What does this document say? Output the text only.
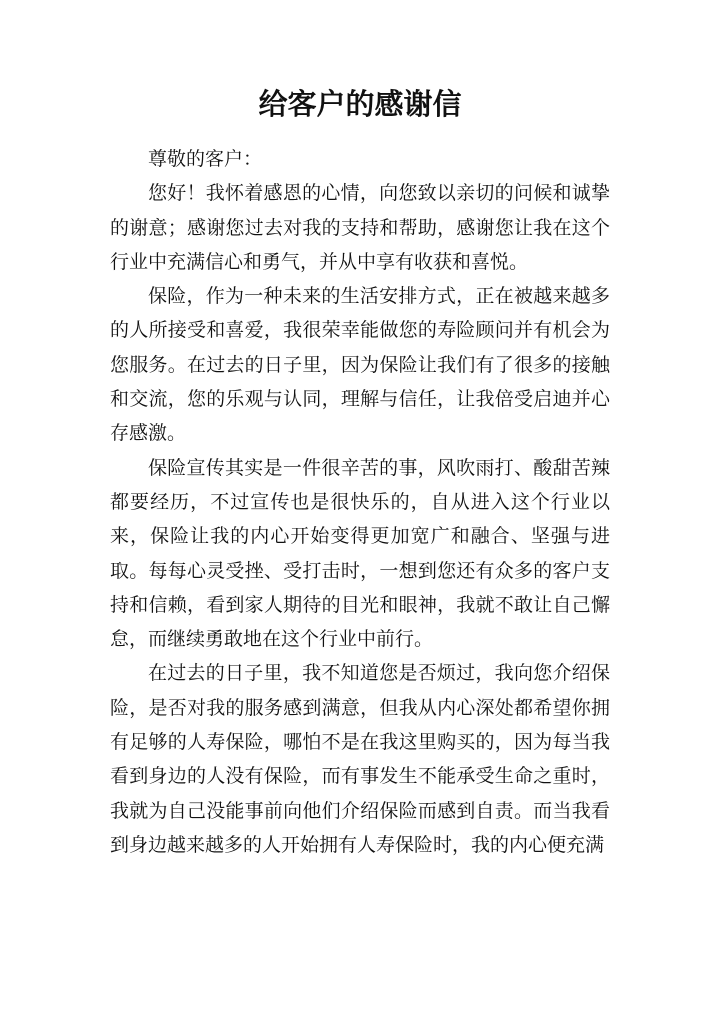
给客户的感谢信

尊敬的客户：

您好！我怀着感恩的心情，向您致以亲切的问候和诚挚的谢意；感谢您过去对我的支持和帮助，感谢您让我在这个行业中充满信心和勇气，并从中享有收获和喜悦。

保险，作为一种未来的生活安排方式，正在被越来越多的人所接受和喜爱，我很荣幸能做您的寿险顾问并有机会为您服务。在过去的日子里，因为保险让我们有了很多的接触和交流，您的乐观与认同，理解与信任，让我倍受启迪并心存感激。

保险宣传其实是一件很辛苦的事，风吹雨打、酸甜苦辣都要经历，不过宣传也是很快乐的，自从进入这个行业以来，保险让我的内心开始变得更加宽广和融合、坚强与进取。每每心灵受挫、受打击时，一想到您还有众多的客户支持和信赖，看到家人期待的目光和眼神，我就不敢让自己懈怠，而继续勇敢地在这个行业中前行。

在过去的日子里，我不知道您是否烦过，我向您介绍保险，是否对我的服务感到满意，但我从内心深处都希望你拥有足够的人寿保险，哪怕不是在我这里购买的，因为每当我看到身边的人没有保险，而有事发生不能承受生命之重时，我就为自己没能事前向他们介绍保险而感到自责。而当我看到身边越来越多的人开始拥有人寿保险时，我的内心便充满
